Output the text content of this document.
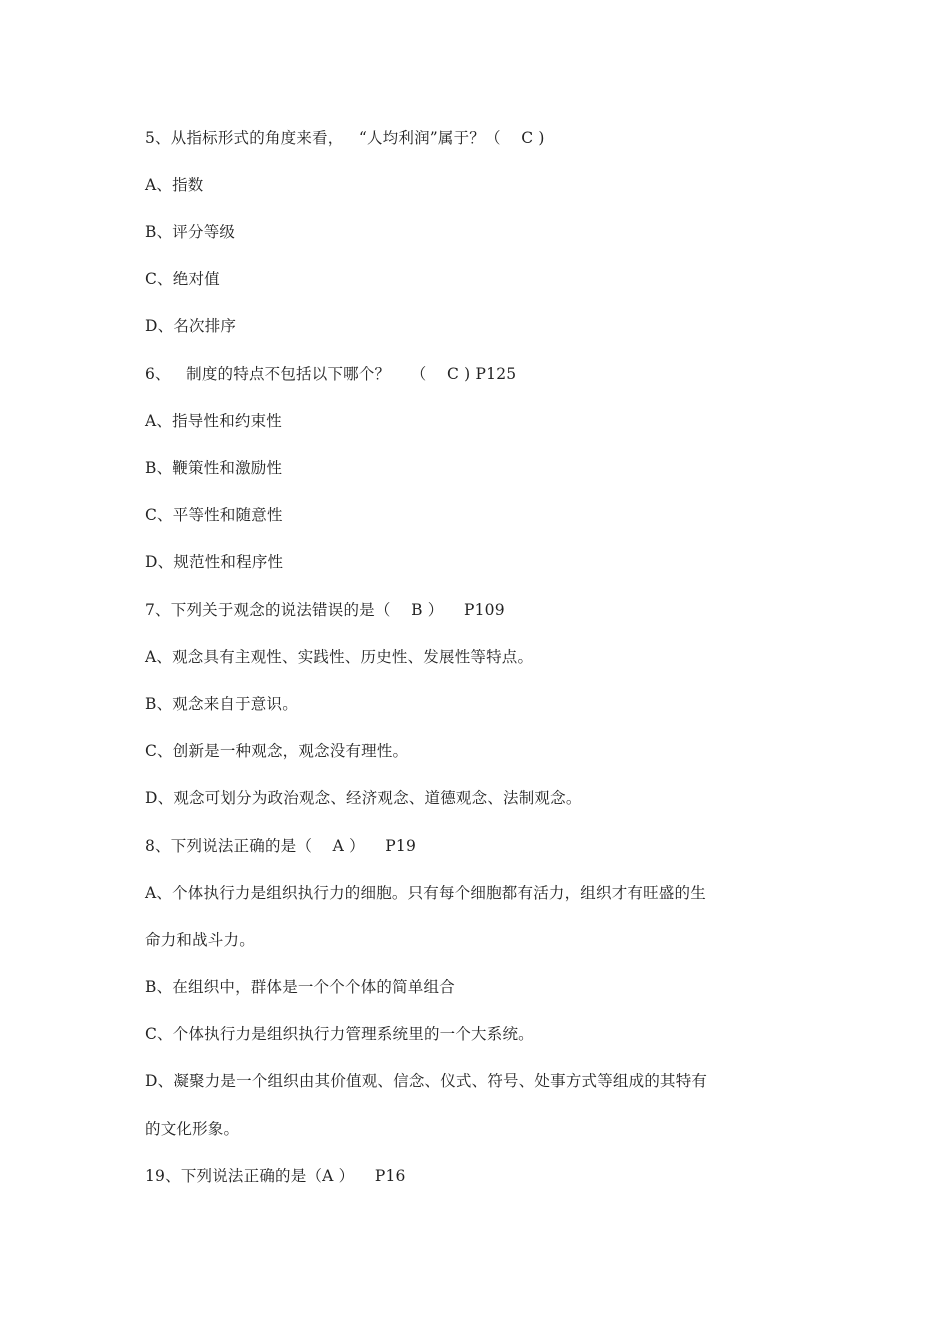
5、从指标形式的角度来看，   “人均利润”属于？（    C )
A、指数
B、评分等级
C、绝对值
D、名次排序
6、   制度的特点不包括以下哪个？    （    C ) P125
A、指导性和约束性
B、鞭策性和激励性
C、平等性和随意性
D、规范性和程序性
7、下列关于观念的说法错误的是（    B ）    P109
A、观念具有主观性、实践性、历史性、发展性等特点。
B、观念来自于意识。
C、创新是一种观念，观念没有理性。
D、观念可划分为政治观念、经济观念、道德观念、法制观念。
8、下列说法正确的是（    A ）    P19
A、个体执行力是组织执行力的细胞。只有每个细胞都有活力，组织才有旺盛的生
命力和战斗力。
B、在组织中，群体是一个个个体的简单组合
C、个体执行力是组织执行力管理系统里的一个大系统。
D、凝聚力是一个组织由其价值观、信念、仪式、符号、处事方式等组成的其特有
的文化形象。
19、下列说法正确的是（A ）    P16
